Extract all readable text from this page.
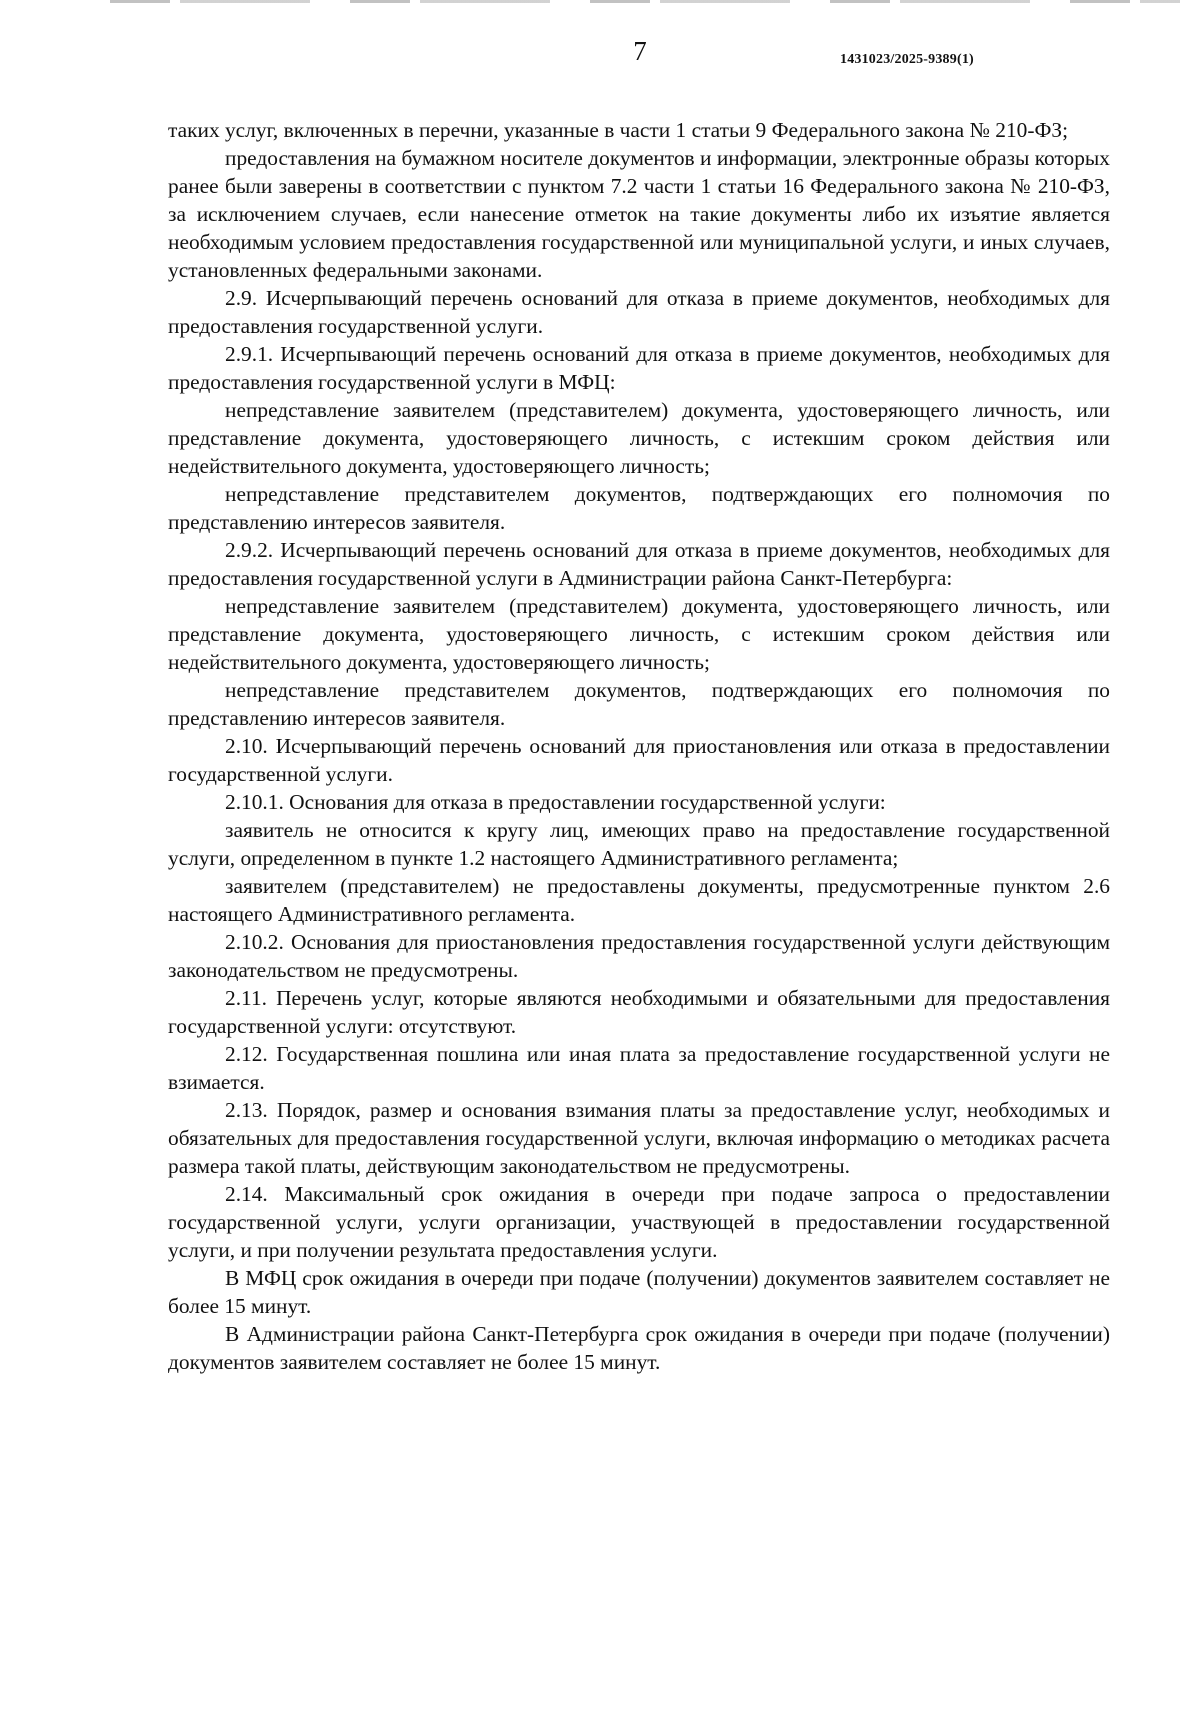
7	1431023/2025-9389(1)

таких услуг, включенных в перечни, указанные в части 1 статьи 9 Федерального закона № 210-ФЗ;

предоставления на бумажном носителе документов и информации, электронные образы которых ранее были заверены в соответствии с пунктом 7.2 части 1 статьи 16 Федерального закона № 210-ФЗ, за исключением случаев, если нанесение отметок на такие документы либо их изъятие является необходимым условием предоставления государственной или муниципальной услуги, и иных случаев, установленных федеральными законами.

2.9. Исчерпывающий перечень оснований для отказа в приеме документов, необходимых для предоставления государственной услуги.

2.9.1. Исчерпывающий перечень оснований для отказа в приеме документов, необходимых для предоставления государственной услуги в МФЦ:

непредставление заявителем (представителем) документа, удостоверяющего личность, или представление документа, удостоверяющего личность, с истекшим сроком действия или недействительного документа, удостоверяющего личность;

непредставление представителем документов, подтверждающих его полномочия по представлению интересов заявителя.

2.9.2. Исчерпывающий перечень оснований для отказа в приеме документов, необходимых для предоставления государственной услуги в Администрации района Санкт-Петербурга:

непредставление заявителем (представителем) документа, удостоверяющего личность, или представление документа, удостоверяющего личность, с истекшим сроком действия или недействительного документа, удостоверяющего личность;

непредставление представителем документов, подтверждающих его полномочия по представлению интересов заявителя.

2.10. Исчерпывающий перечень оснований для приостановления или отказа в предоставлении государственной услуги.

2.10.1. Основания для отказа в предоставлении государственной услуги:

заявитель не относится к кругу лиц, имеющих право на предоставление государственной услуги, определенном в пункте 1.2 настоящего Административного регламента;

заявителем (представителем) не предоставлены документы, предусмотренные пунктом 2.6 настоящего Административного регламента.

2.10.2. Основания для приостановления предоставления государственной услуги действующим законодательством не предусмотрены.

2.11. Перечень услуг, которые являются необходимыми и обязательными для предоставления государственной услуги: отсутствуют.

2.12. Государственная пошлина или иная плата за предоставление государственной услуги не взимается.

2.13. Порядок, размер и основания взимания платы за предоставление услуг, необходимых и обязательных для предоставления государственной услуги, включая информацию о методиках расчета размера такой платы, действующим законодательством не предусмотрены.

2.14. Максимальный срок ожидания в очереди при подаче запроса о предоставлении государственной услуги, услуги организации, участвующей в предоставлении государственной услуги, и при получении результата предоставления услуги.

В МФЦ срок ожидания в очереди при подаче (получении) документов заявителем составляет не более 15 минут.

В Администрации района Санкт-Петербурга срок ожидания в очереди при подаче (получении) документов заявителем составляет не более 15 минут.
